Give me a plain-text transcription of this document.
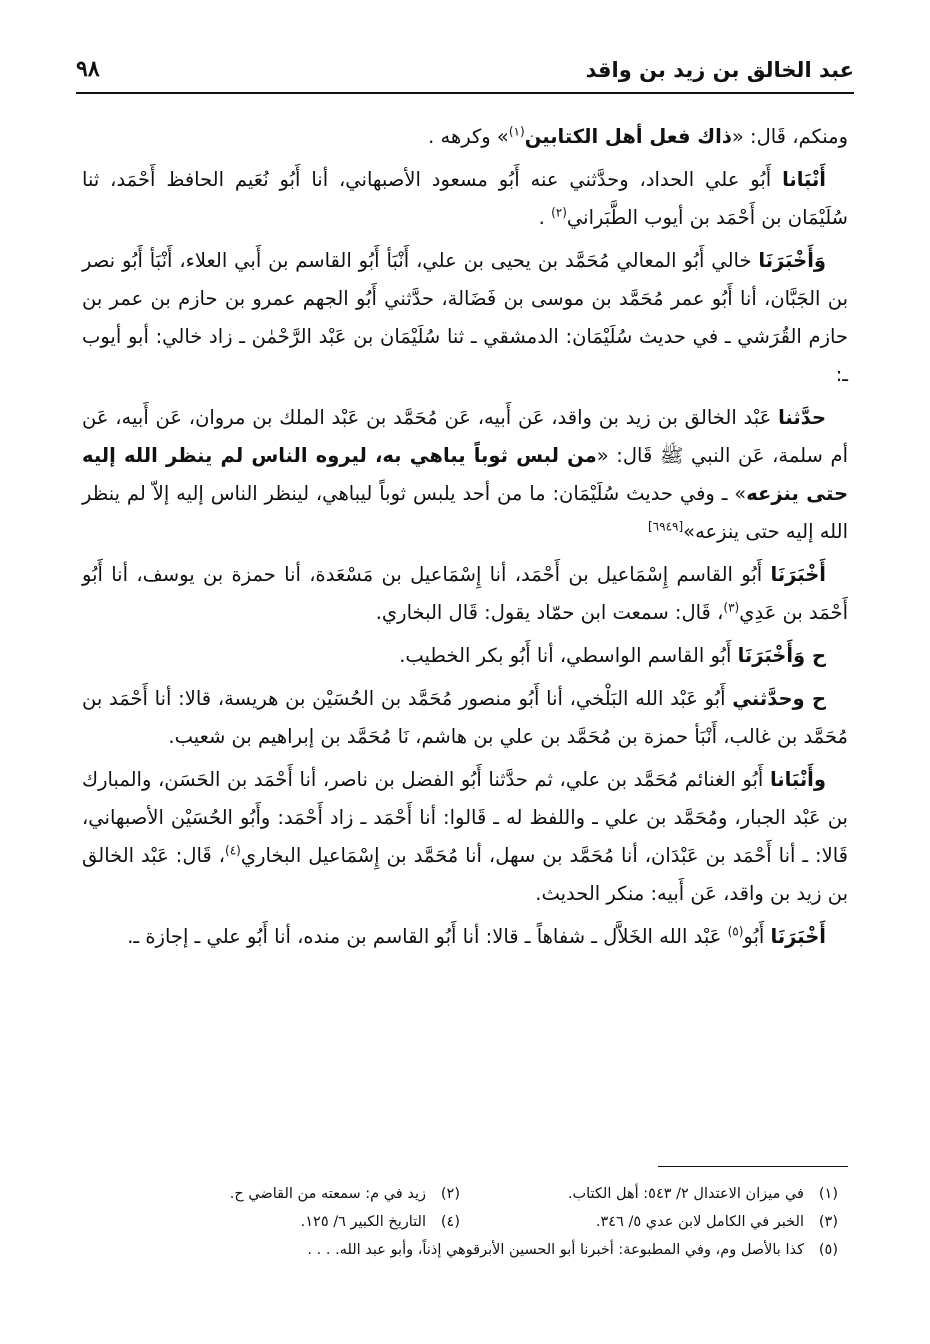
٩٨	عبد الخالق بن زيد بن واقد

ومنكم، قَال: «ذاك فعل أهل الكتابين$^{(١)}$» وكرهه .

أَنْبَانا أَبُو علي الحداد، وحدَّثني عنه أَبُو مسعود الأصبهاني، أنا أَبُو نُعَيم الحافظ أَحْمَد، ثنا سُلَيْمَان بن أَحْمَد بن أيوب الطَّبَراني$^{(٢)}$ .

وَأَخْبَرَنَا خالي أَبُو المعالي مُحَمَّد بن يحيى بن علي، أَنْبَأ أَبُو القاسم بن أَبي العلاء، أَنْبَأ أَبُو نصر بن الجَبَّان، أنا أَبُو عمر مُحَمَّد بن موسى بن فَضَالة، حدَّثني أَبُو الجهم عمرو بن حازم بن عمر بن حازم القُرَشي ـ في حديث سُلَيْمَان: الدمشقي ـ ثنا سُلَيْمَان بن عَبْد الرَّحْمٰن ـ زاد خالي: أبو أيوب ـ:

حدَّثنا عَبْد الخالق بن زيد بن واقد، عَن أَبيه، عَن مُحَمَّد بن عَبْد الملك بن مروان، عَن أَبيه، عَن أم سلمة، عَن النبي ﷺ قَال: «من لبس ثوباً يباهي به، ليروه الناس لم ينظر الله إليه حتى ينزعه» ـ وفي حديث سُلَيْمَان: ما من أحد يلبس ثوباً ليباهي، لينظر الناس إليه إلاّ لم ينظر الله إليه حتى ينزعه»[٦٩٤٩]

أَخْبَرَنَا أَبُو القاسم إِسْمَاعيل بن أَحْمَد، أنا إِسْمَاعيل بن مَسْعَدة، أنا حمزة بن يوسف، أنا أَبُو أَحْمَد بن عَدِي$^{(٣)}$، قَال: سمعت ابن حمّاد يقول: قَال البخاري.

ح وَأَخْبَرَنَا أَبُو القاسم الواسطي، أنا أَبُو بكر الخطيب.

ح وحدَّثني أَبُو عَبْد الله البَلْخي، أنا أَبُو منصور مُحَمَّد بن الحُسَيْن بن هريسة، قالا: أنا أَحْمَد بن مُحَمَّد بن غالب، أَنْبَأ حمزة بن مُحَمَّد بن علي بن هاشم، نَا مُحَمَّد بن إبراهيم بن شعيب.

وأَنْبَانا أَبُو الغنائم مُحَمَّد بن علي، ثم حدَّثنا أَبُو الفضل بن ناصر، أنا أَحْمَد بن الحَسَن، والمبارك بن عَبْد الجبار، ومُحَمَّد بن علي ـ واللفظ له ـ قَالوا: أنا أَحْمَد ـ زاد أَحْمَد: وأَبُو الحُسَيْن الأصبهاني، قَالا: ـ أنا أَحْمَد بن عَبْدَان، أنا مُحَمَّد بن سهل، أنا مُحَمَّد بن إِسْمَاعيل البخاري$^{(٤)}$، قَال: عَبْد الخالق بن زيد بن واقد، عَن أَبيه: منكر الحديث.

أَخْبَرَنَا أَبُو$^{(٥)}$ عَبْد الله الخَلاَّل ـ شفاهاً ـ قالا: أنا أَبُو القاسم بن منده، أنا أَبُو علي ـ إجازة ـ.

(١)في ميزان الاعتدال ٢/ ٥٤٣: أهل الكتاب.
(٢)زيد في م: سمعته من القاضي ح.
(٣)الخبر في الكامل لابن عدي ٥/ ٣٤٦.
(٤)التاريخ الكبير ٦/ ١٢٥.
(٥)كذا بالأصل وم، وفي المطبوعة: أخبرنا أبو الحسين الأبرقوهي إذناً، وأبو عبد الله. . . .
